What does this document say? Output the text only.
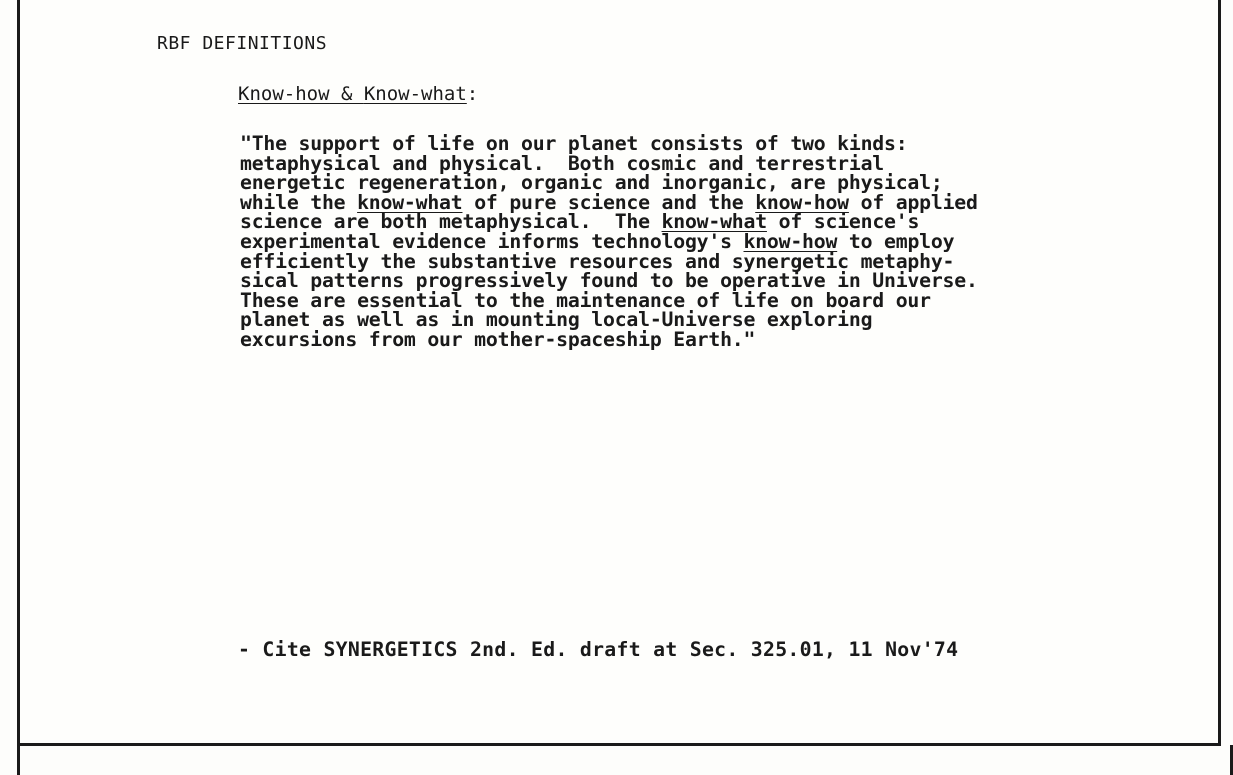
RBF DEFINITIONS
Know-how & Know-what:
"The support of life on our planet consists of two kinds:
metaphysical and physical.  Both cosmic and terrestrial
energetic regeneration, organic and inorganic, are physical;
while the know-what of pure science and the know-how of applied
science are both metaphysical.  The know-what of science's
experimental evidence informs technology's know-how to employ
efficiently the substantive resources and synergetic metaphy-
sical patterns progressively found to be operative in Universe.
These are essential to the maintenance of life on board our
planet as well as in mounting local-Universe exploring
excursions from our mother-spaceship Earth."
- Cite SYNERGETICS 2nd. Ed. draft at Sec. 325.01, 11 Nov'74
